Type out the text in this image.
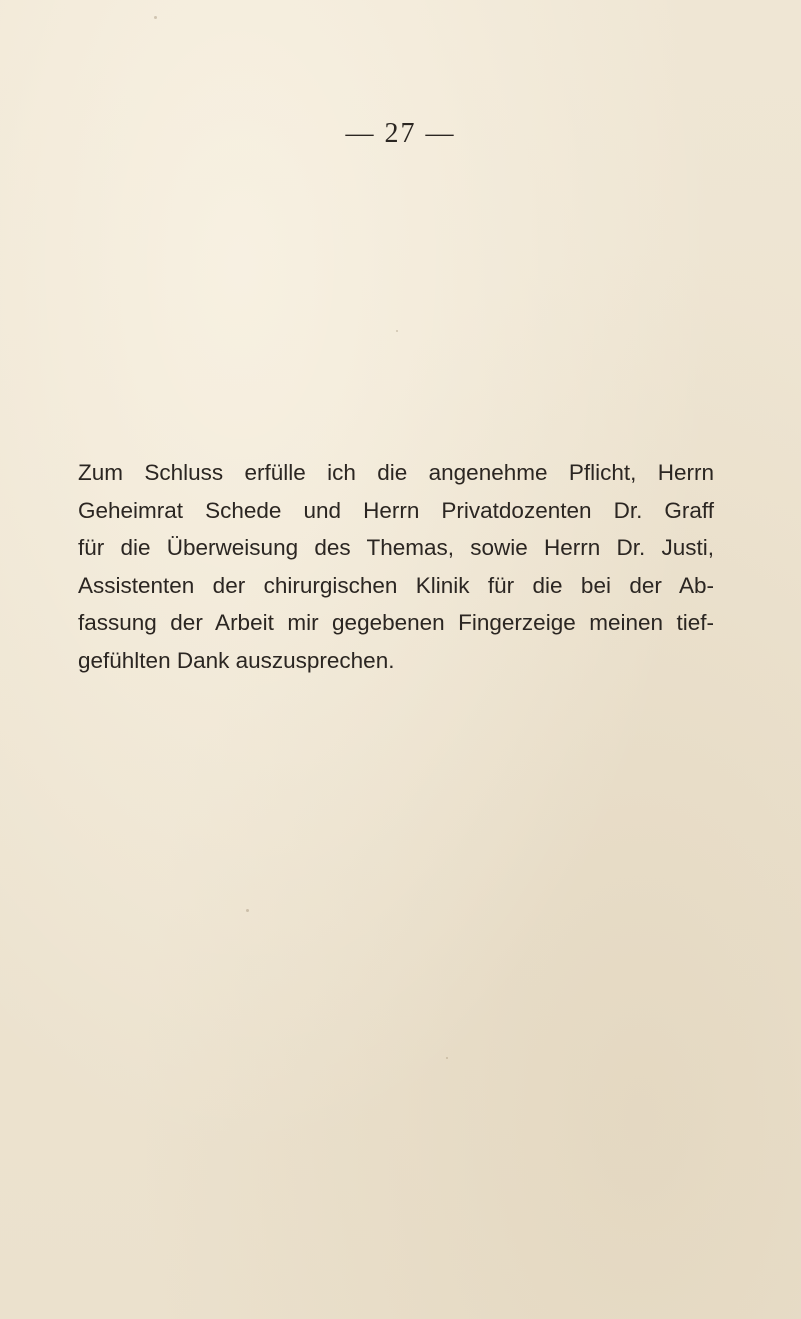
— 27 —
Zum Schluss erfülle ich die angenehme Pflicht, Herrn
Geheimrat Schede und Herrn Privatdozenten Dr. Graff
für die Überweisung des Themas, sowie Herrn Dr. Justi,
Assistenten der chirurgischen Klinik für die bei der Ab-
fassung der Arbeit mir gegebenen Fingerzeige meinen tief-
gefühlten Dank auszusprechen.
